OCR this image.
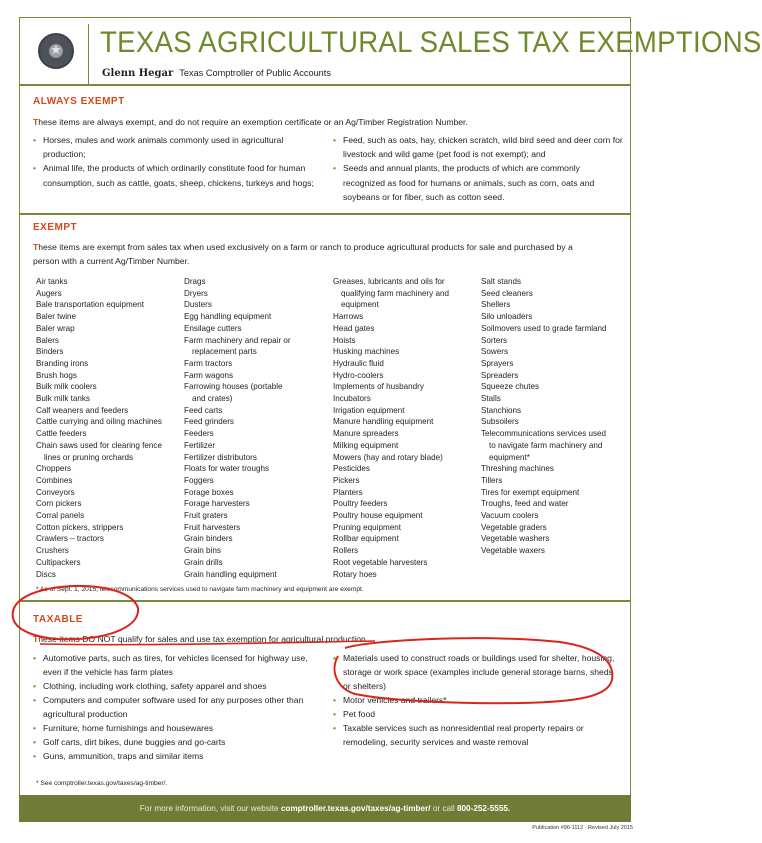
★
TEXAS AGRICULTURAL SALES TAX EXEMPTIONS
Glenn Hegar Texas Comptroller of Public Accounts
ALWAYS EXEMPT
These items are always exempt, and do not require an exemption certificate or an Ag/Timber Registration Number.
• Horses, mules and work animals commonly used in agricultural production;
• Animal life, the products of which ordinarily constitute food for human consumption, such as cattle, goats, sheep, chickens, turkeys and hogs;
• Feed, such as oats, hay, chicken scratch, wild bird seed and deer corn for livestock and wild game (pet food is not exempt); and
• Seeds and annual plants, the products of which are commonly recognized as food for humans or animals, such as corn, oats and soybeans or for fiber, such as cotton seed.
EXEMPT
These items are exempt from sales tax when used exclusively on a farm or ranch to produce agricultural products for sale and purchased by a
person with a current Ag/Timber Number.
Air tanks
Augers
Bale transportation equipment
Baler twine
Baler wrap
Balers
Binders
Branding irons
Brush hogs
Bulk milk coolers
Bulk milk tanks
Calf weaners and feeders
Cattle currying and oiling machines
Cattle feeders
Chain saws used for clearing fence
lines or pruning orchards
Choppers
Combines
Conveyors
Corn pickers
Corral panels
Cotton pickers, strippers
Crawlers – tractors
Crushers
Cultipackers
Discs
Drags
Dryers
Dusters
Egg handling equipment
Ensilage cutters
Farm machinery and repair or
replacement parts
Farm tractors
Farm wagons
Farrowing houses (portable
and crates)
Feed carts
Feed grinders
Feeders
Fertilizer
Fertilizer distributors
Floats for water troughs
Foggers
Forage boxes
Forage harvesters
Fruit graters
Fruit harvesters
Grain binders
Grain bins
Grain drills
Grain handling equipment
Greases, lubricants and oils for
qualifying farm machinery and
equipment
Harrows
Head gates
Hoists
Husking machines
Hydraulic fluid
Hydro-coolers
Implements of husbandry
Incubators
Irrigation equipment
Manure handling equipment
Manure spreaders
Milking equipment
Mowers (hay and rotary blade)
Pesticides
Pickers
Planters
Poultry feeders
Poultry house equipment
Pruning equipment
Rollbar equipment
Rollers
Root vegetable harvesters
Rotary hoes
Salt stands
Seed cleaners
Shellers
Silo unloaders
Soilmovers used to grade farmland
Sorters
Sowers
Sprayers
Spreaders
Squeeze chutes
Stalls
Stanchions
Subsoilers
Telecommunications services used
to navigate farm machinery and
equipment*
Threshing machines
Tillers
Tires for exempt equipment
Troughs, feed and water
Vacuum coolers
Vegetable graders
Vegetable washers
Vegetable waxers
* As of Sept. 1, 2015, telecommunications services used to navigate farm machinery and equipment are exempt.
TAXABLE
These items DO NOT qualify for sales and use tax exemption for agricultural production.
• Automotive parts, such as tires, for vehicles licensed for highway use, even if the vehicle has farm plates
• Clothing, including work clothing, safety apparel and shoes
• Computers and computer software used for any purposes other than agricultural production
• Furniture, home furnishings and housewares
• Golf carts, dirt bikes, dune buggies and go-carts
• Guns, ammunition, traps and similar items
• Materials used to construct roads or buildings used for shelter, housing, storage or work space (examples include general storage barns, sheds or shelters)
• Motor vehicles and trailers*
• Pet food
• Taxable services such as nonresidential real property repairs or remodeling, security services and waste removal
* See comptroller.texas.gov/taxes/ag-timber/.
For more information, visit our website comptroller.texas.gov/taxes/ag-timber/ or call 800-252-5555.
Publication #96-1112 · Revised July 2015
